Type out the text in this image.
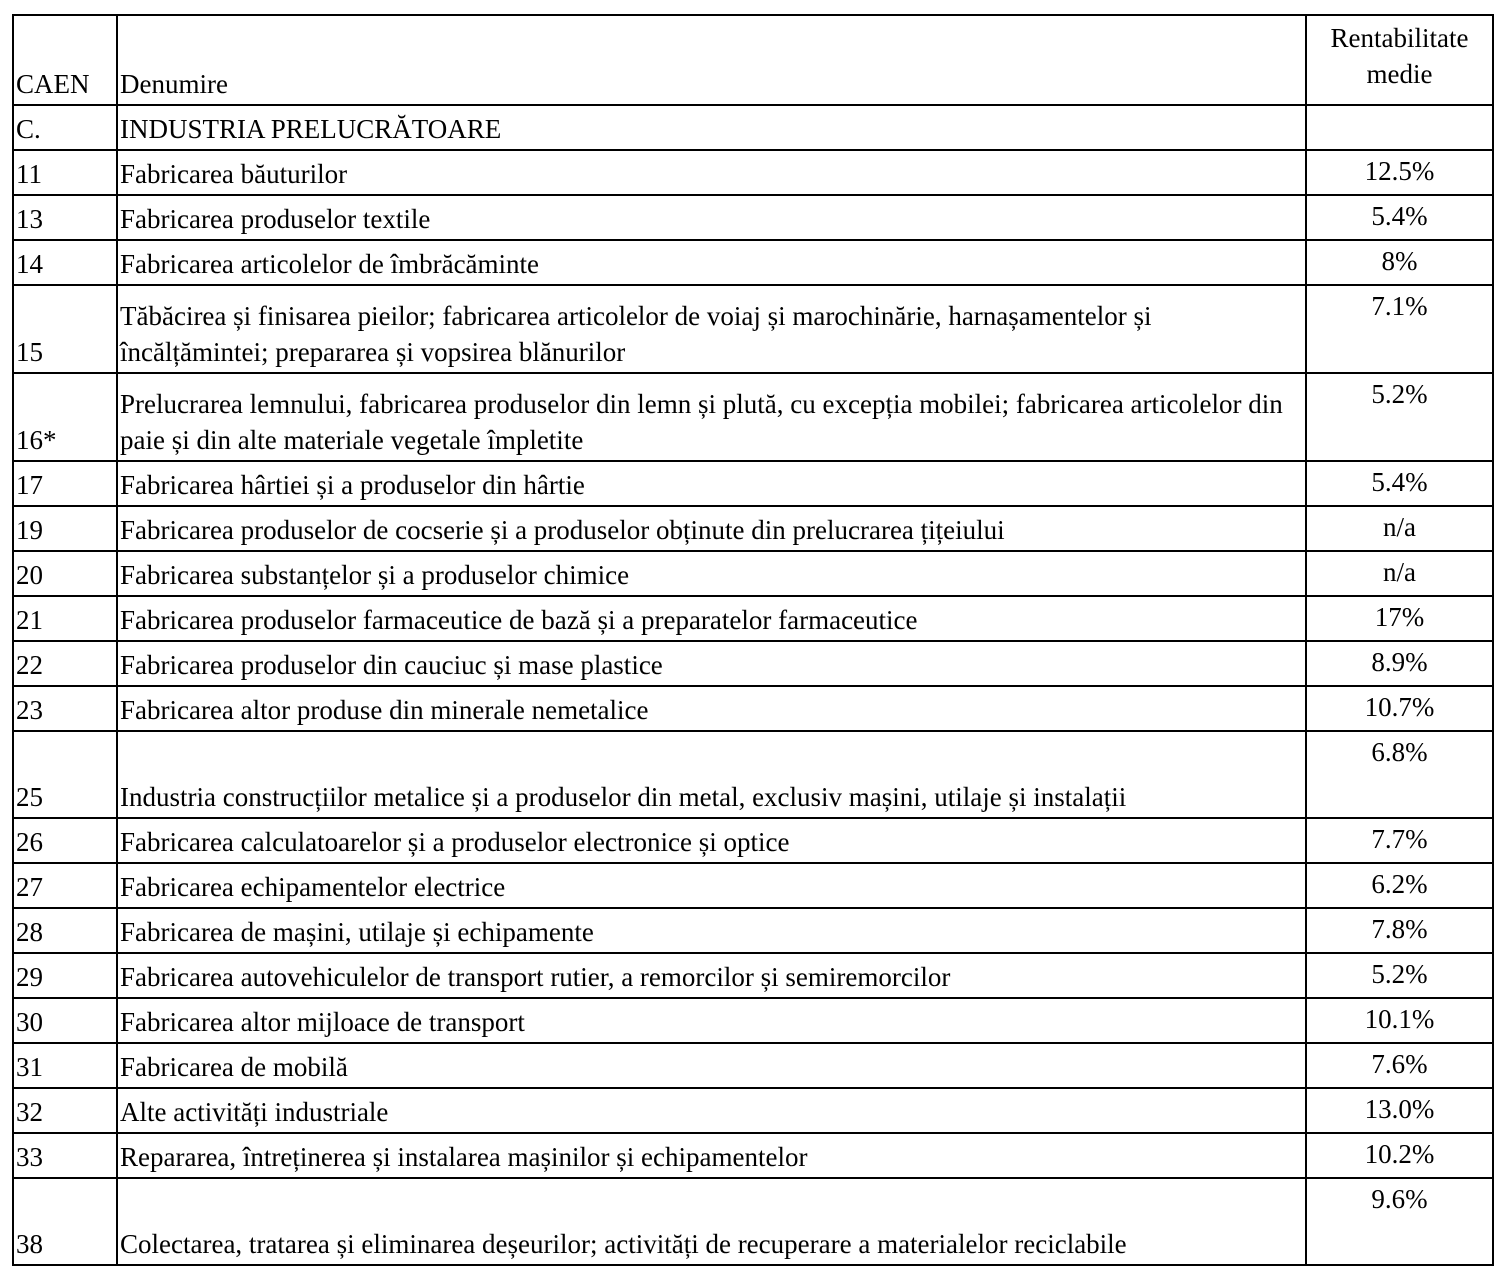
CAEN	Denumire	Rentabilitate
medie

C.	INDUSTRIA PRELUCRĂTOARE	
11	Fabricarea băuturilor	12.5%
13	Fabricarea produselor textile	5.4%
14	Fabricarea articolelor de îmbrăcăminte	8%
15	Tăbăcirea și finisarea pieilor; fabricarea articolelor de voiaj și marochinărie, harnașamentelor și încălțămintei; prepararea și vopsirea blănurilor	7.1%
16*	Prelucrarea lemnului, fabricarea produselor din lemn și plută, cu excepția mobilei; fabricarea articolelor din paie și din alte materiale vegetale împletite	5.2%
17	Fabricarea hârtiei și a produselor din hârtie	5.4%
19	Fabricarea produselor de cocserie și a produselor obținute din prelucrarea țițeiului	n/a
20	Fabricarea substanțelor și a produselor chimice	n/a
21	Fabricarea produselor farmaceutice de bază și a preparatelor farmaceutice	17%
22	Fabricarea produselor din cauciuc și mase plastice	8.9%
23	Fabricarea altor produse din minerale nemetalice	10.7%
25	Industria construcțiilor metalice și a produselor din metal, exclusiv mașini, utilaje și instalații	6.8%
26	Fabricarea calculatoarelor și a produselor electronice și optice	7.7%
27	Fabricarea echipamentelor electrice	6.2%
28	Fabricarea de mașini, utilaje și echipamente	7.8%
29	Fabricarea autovehiculelor de transport rutier, a remorcilor și semiremorcilor	5.2%
30	Fabricarea altor mijloace de transport	10.1%
31	Fabricarea de mobilă	7.6%
32	Alte activități industriale	13.0%
33	Repararea, întreținerea și instalarea mașinilor și echipamentelor	10.2%
38	Colectarea, tratarea și eliminarea deșeurilor; activități de recuperare a materialelor reciclabile	9.6%
